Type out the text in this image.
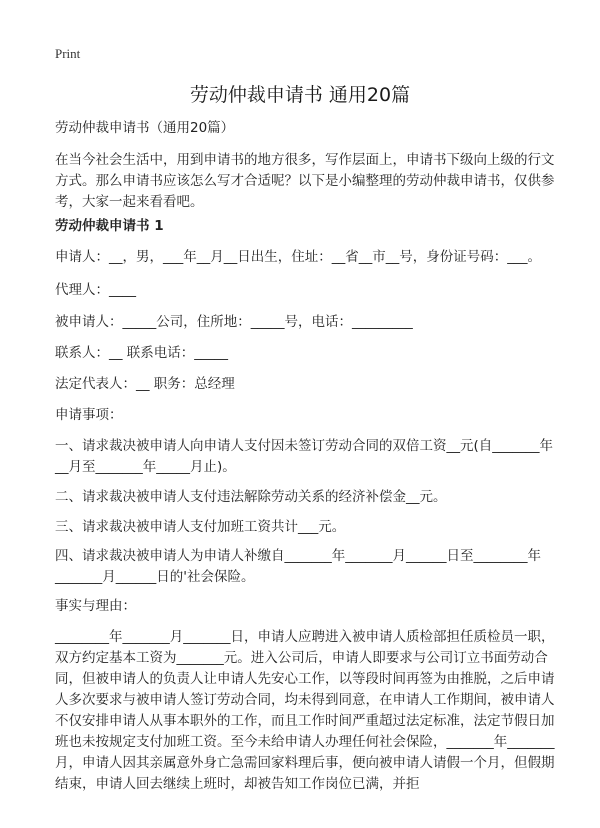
Print
劳动仲裁申请书 通用20篇

劳动仲裁申请书（通用20篇）

在当今社会生活中，用到申请书的地方很多，写作层面上，申请书下级向上级的行文方式。那么申请书应该怎么写才合适呢？以下是小编整理的劳动仲裁申请书，仅供参考，大家一起来看看吧。

劳动仲裁申请书 1

申请人：__，男，___年__月__日出生，住址：__省__市__号，身份证号码：___。

代理人：____

被申请人：_____公司，住所地：_____号，电话：_________

联系人：__ 联系电话：_____

法定代表人：__ 职务：总经理

申请事项：

一、请求裁决被申请人向申请人支付因未签订劳动合同的双倍工资__元(自_______年__月至_______年_____月止)。

二、请求裁决被申请人支付违法解除劳动关系的经济补偿金__元。

三、请求裁决被申请人支付加班工资共计___元。

四、请求裁决被申请人为申请人补缴自_______年_______月______日至________年_______月______日的'社会保险。

事实与理由：

________年_______月_______日，申请人应聘进入被申请人质检部担任质检员一职，双方约定基本工资为_______元。进入公司后，申请人即要求与公司订立书面劳动合同，但被申请人的负责人让申请人先安心工作，以等段时间再签为由推脱，之后申请人多次要求与被申请人签订劳动合同，均未得到同意，在申请人工作期间，被申请人不仅安排申请人从事本职外的工作，而且工作时间严重超过法定标准，法定节假日加班也未按规定支付加班工资。至今未给申请人办理任何社会保险，_______年_______月，申请人因其亲属意外身亡急需回家料理后事，便向被申请人请假一个月，但假期结束，申请人回去继续上班时，却被告知工作岗位已满，并拒
